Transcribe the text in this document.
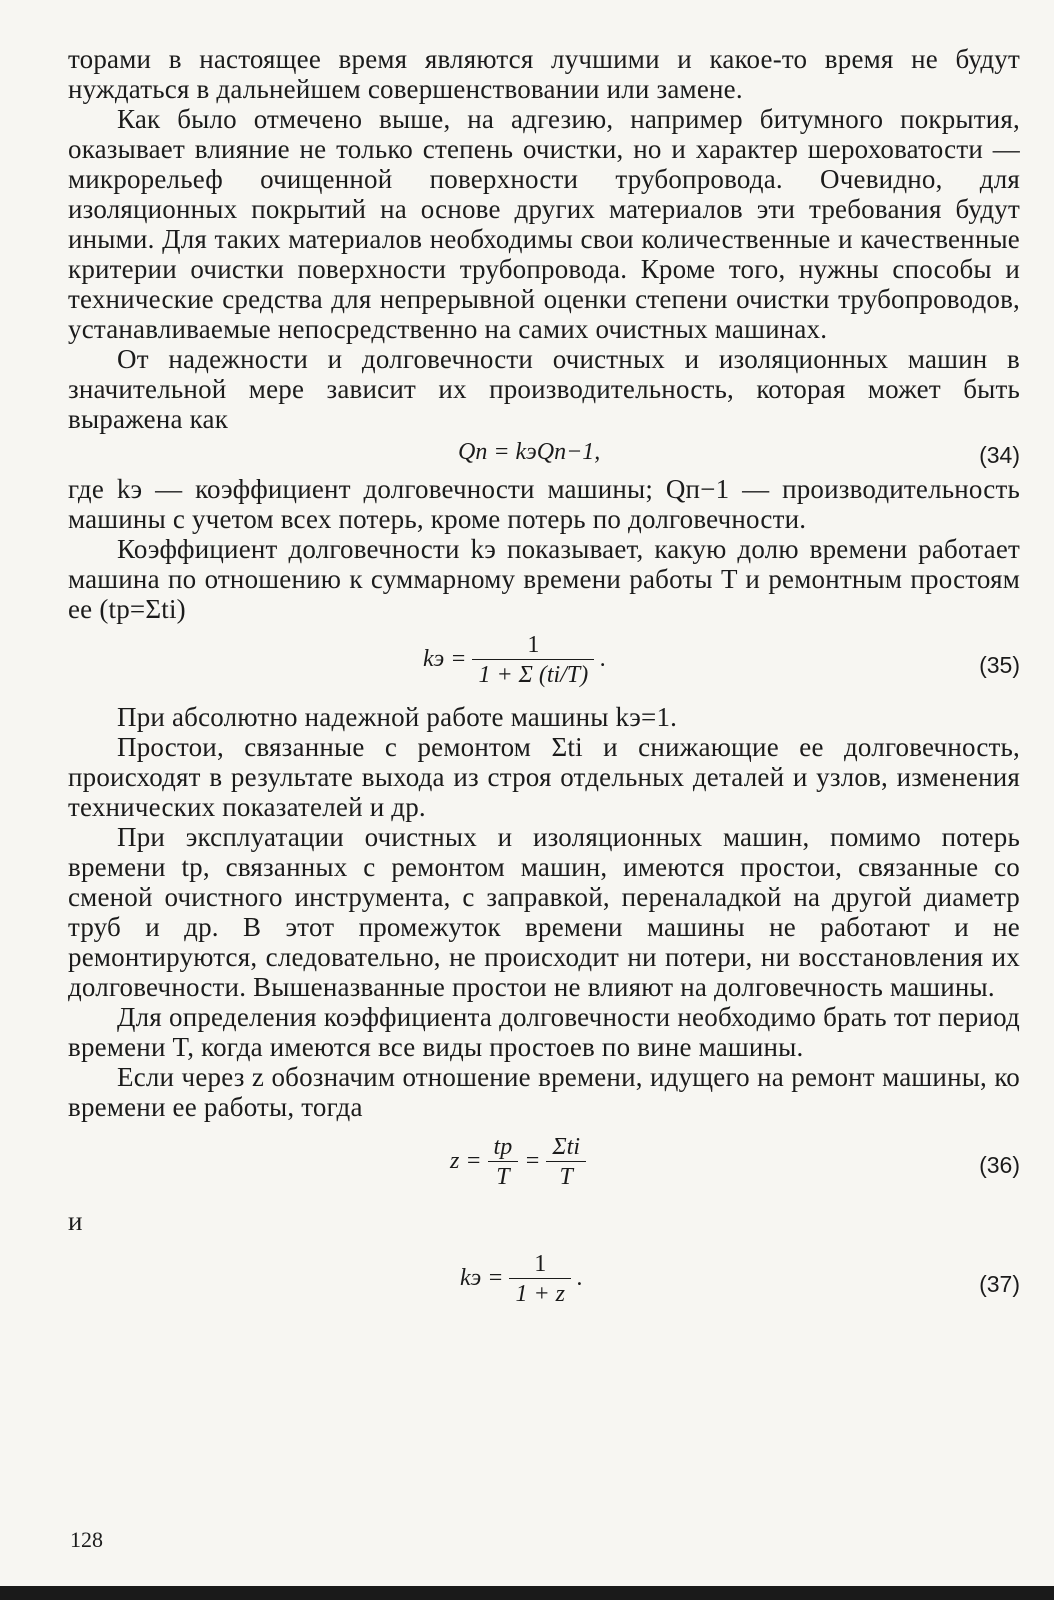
торами в настоящее время являются лучшими и какое-то время не будут нуждаться в дальнейшем совершенствовании или замене.

Как было отмечено выше, на адгезию, например битумного покрытия, оказывает влияние не только степень очистки, но и характер шероховатости — микрорельеф очищенной поверхности трубопровода. Очевидно, для изоляционных покрытий на основе других материалов эти требования будут иными. Для таких материалов необходимы свои количественные и качественные критерии очистки поверхности трубопровода. Кроме того, нужны способы и технические средства для непрерывной оценки степени очистки трубопроводов, устанавливаемые непосредственно на самих очистных машинах.

От надежности и долговечности очистных и изоляционных машин в значительной мере зависит их производительность, которая может быть выражена как

Qп = kэQп−1,	(34)

где kэ — коэффициент долговечности машины; Qп−1 — производительность машины с учетом всех потерь, кроме потерь по долговечности.

Коэффициент долговечности kэ показывает, какую долю времени работает машина по отношению к суммарному времени работы T и ремонтным простоям ее (tр=Σti)

kэ = $\frac{1}{1 + \Sigma (ti/T)}$ .	(35)

При абсолютно надежной работе машины kэ=1.

Простои, связанные с ремонтом Σti и снижающие ее долговечность, происходят в результате выхода из строя отдельных деталей и узлов, изменения технических показателей и др.

При эксплуатации очистных и изоляционных машин, помимо потерь времени tр, связанных с ремонтом машин, имеются простои, связанные со сменой очистного инструмента, с заправкой, переналадкой на другой диаметр труб и др. В этот промежуток времени машины не работают и не ремонтируются, следовательно, не происходит ни потери, ни восстановления их долговечности. Вышеназванные простои не влияют на долговечность машины.

Для определения коэффициента долговечности необходимо брать тот период времени T, когда имеются все виды простоев по вине машины.

Если через z обозначим отношение времени, идущего на ремонт машины, ко времени ее работы, тогда

$z = \frac{tр}{T} = \frac{\text{Σti}}{T}$	(36)

и

kэ = $\frac{1}{1 + z}$ .	(37)
128
